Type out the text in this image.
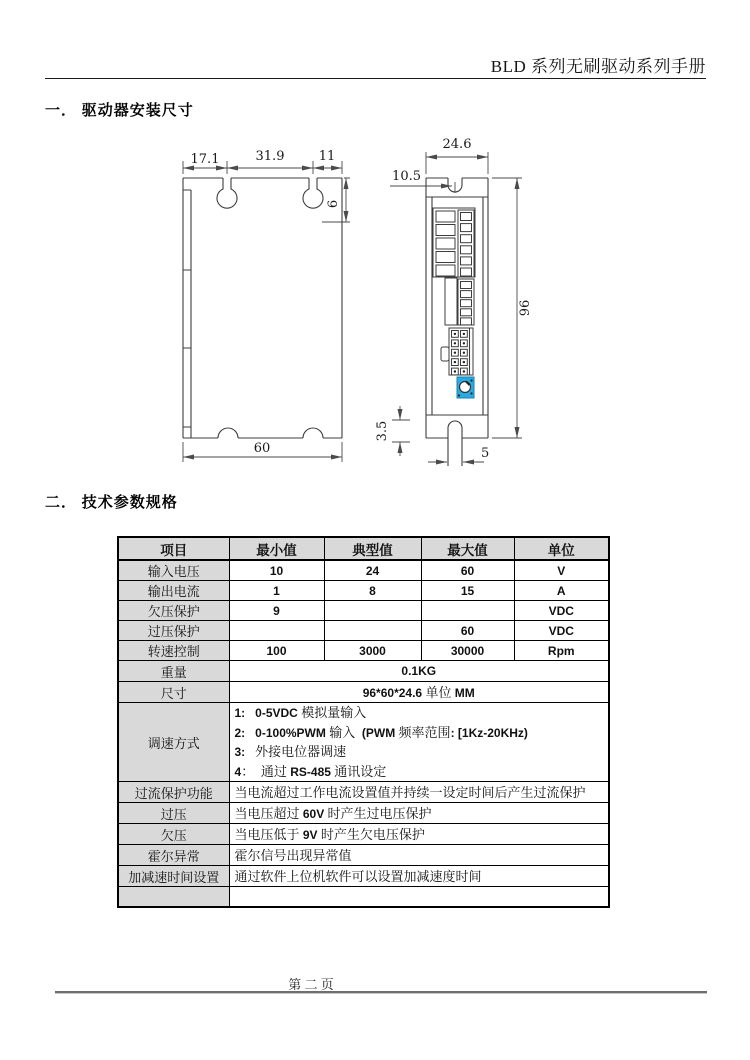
BLD 系列无刷驱动系列手册
一． 驱动器安装尺寸
17.1	31.9	11
6
60
24.6
10.5
96
3.5
5
二． 技术参数规格
项目	最小值	典型值	最大值	单位
输入电压	10	24	60	V
输出电流	1	8	15	A
欠压保护	9			VDC
过压保护			60	VDC
转速控制	100	3000	30000	Rpm
重量	0.1KG			
尺寸	96*60*24.6 单位 MM			
调速方式	1:   0-5VDC 模拟量输入
2:   0-100%PWM 输入  (PWM 频率范围: [1Kz-20KHz)
3:   外接电位器调速
4： 通过 RS-485 通讯设定			

过流保护功能	当电流超过工作电流设置值并持续一设定时间后产生过流保护			
过压	当电压超过 60V 时产生过电压保护			
欠压	当电压低于 9V 时产生欠电压保护			
霍尔异常	霍尔信号出现异常值			
加减速时间设置	通过软件上位机软件可以设置加减速度时间			

第 二 页
